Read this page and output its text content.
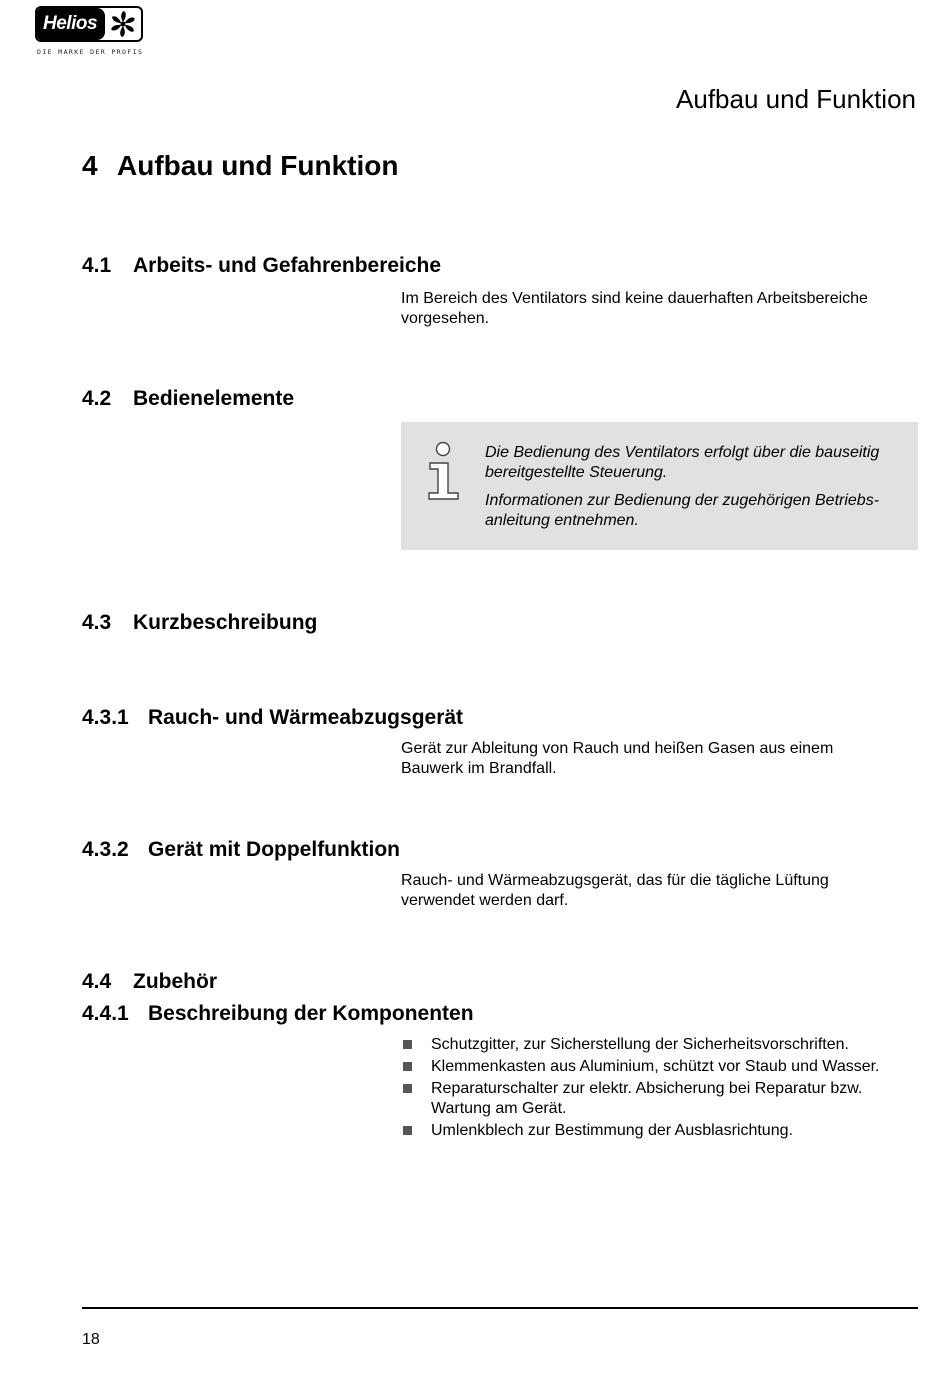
Helios
DIE MARKE DER PROFIS
Aufbau und Funktion
4 Aufbau und Funktion
4.1 Arbeits- und Gefahrenbereiche
Im Bereich des Ventilators sind keine dauerhaften Arbeitsbereiche
vorgesehen.
4.2 Bedienelemente
Die Bedienung des Ventilators erfolgt über die bauseitig
bereitgestellte Steuerung.
Informationen zur Bedienung der zugehörigen Betriebs-
anleitung entnehmen.
4.3 Kurzbeschreibung
4.3.1 Rauch- und Wärmeabzugsgerät
Gerät zur Ableitung von Rauch und heißen Gasen aus einem
Bauwerk im Brandfall.
4.3.2 Gerät mit Doppelfunktion
Rauch- und Wärmeabzugsgerät, das für die tägliche Lüftung
verwendet werden darf.
4.4 Zubehör
4.4.1 Beschreibung der Komponenten
Schutzgitter, zur Sicherstellung der Sicherheitsvorschriften.
Klemmenkasten aus Aluminium, schützt vor Staub und Wasser.
Reparaturschalter zur elektr. Absicherung bei Reparatur bzw.
Wartung am Gerät.
Umlenkblech zur Bestimmung der Ausblasrichtung.
18
